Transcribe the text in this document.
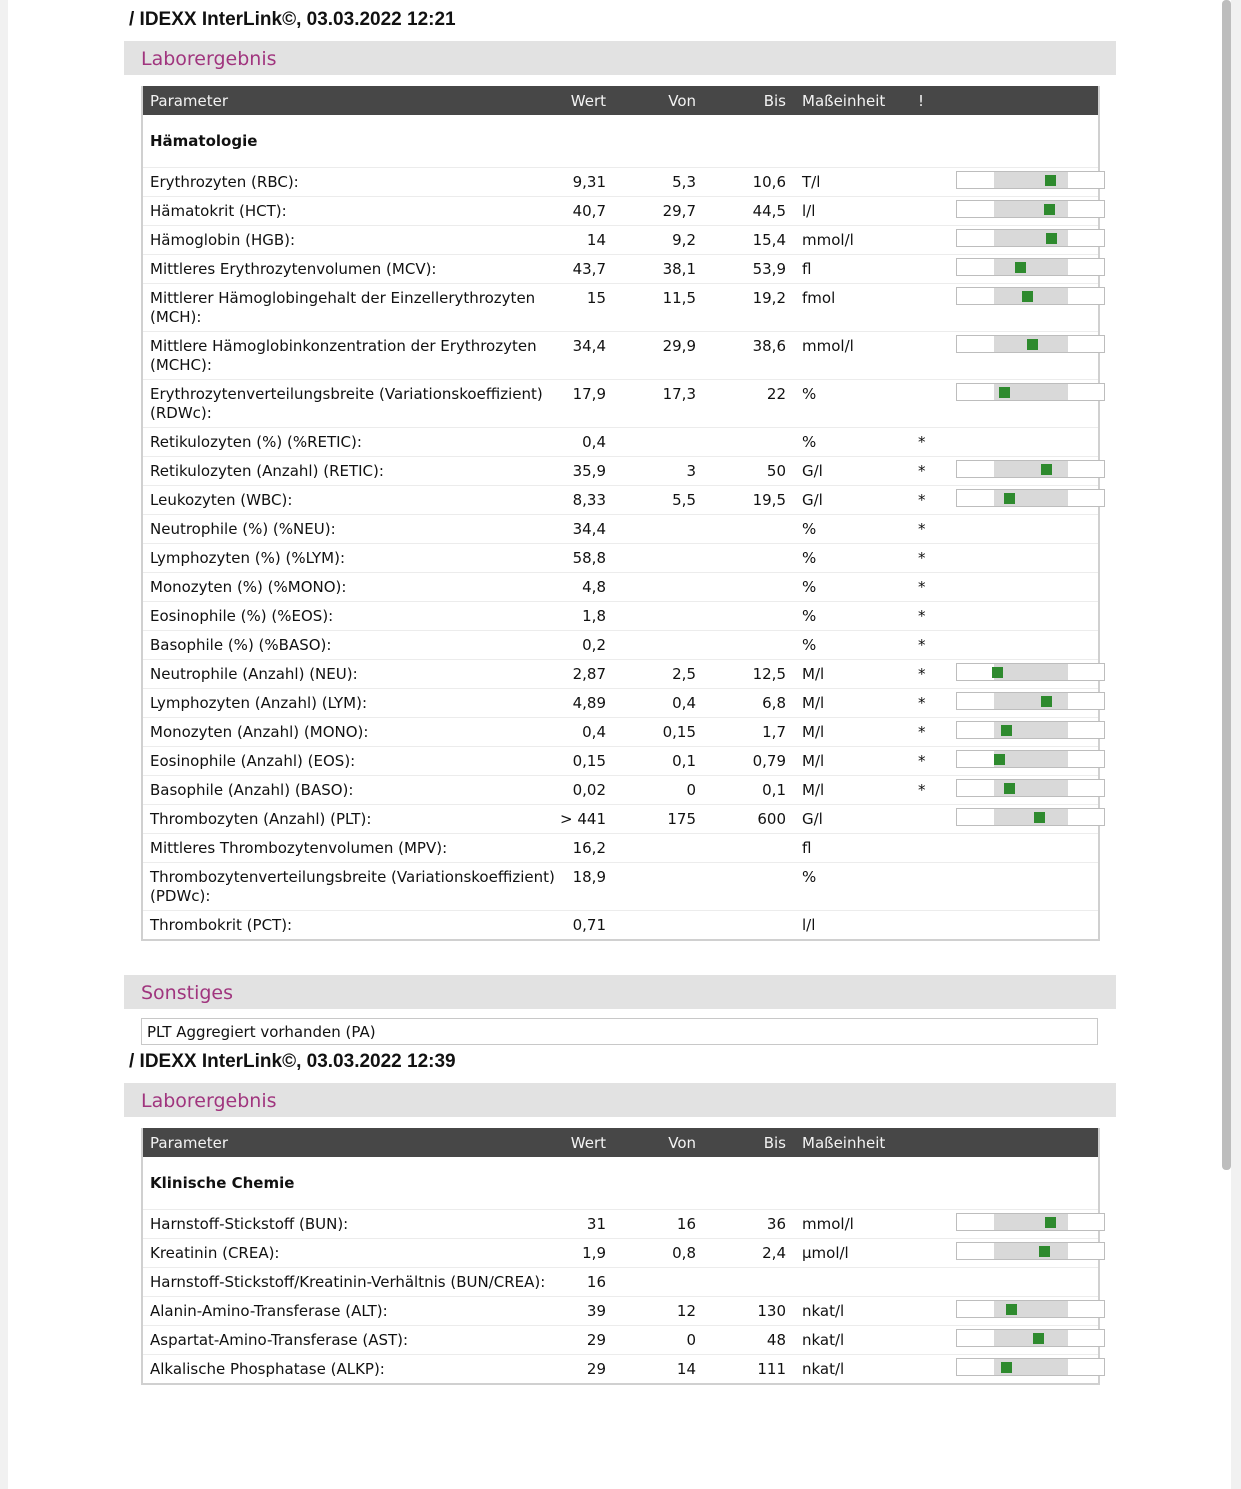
/ IDEXX InterLink©, 03.03.2022 12:21
Laborergebnis
Parameter	Wert	Von	Bis	Maßeinheit	!	
Hämatologie						
Erythrozyten (RBC):	9,31	5,3	10,6	T/l		

Hämatokrit (HCT):	40,7	29,7	44,5	l/l		

Hämoglobin (HGB):	14	9,2	15,4	mmol/l		

Mittleres Erythrozytenvolumen (MCV):	43,7	38,1	53,9	fl		

Mittlerer Hämoglobingehalt der Einzellerythrozyten (MCH):	15	11,5	19,2	fmol		

Mittlere Hämoglobinkonzentration der Erythrozyten (MCHC):	34,4	29,9	38,6	mmol/l		

Erythrozytenverteilungsbreite (Variationskoeffizient) (RDWc):	17,9	17,3	22	%		

Retikulozyten (%) (%RETIC):	0,4			%	*	
Retikulozyten (Anzahl) (RETIC):	35,9	3	50	G/l	*	

Leukozyten (WBC):	8,33	5,5	19,5	G/l	*	

Neutrophile (%) (%NEU):	34,4			%	*	
Lymphozyten (%) (%LYM):	58,8			%	*	
Monozyten (%) (%MONO):	4,8			%	*	
Eosinophile (%) (%EOS):	1,8			%	*	
Basophile (%) (%BASO):	0,2			%	*	
Neutrophile (Anzahl) (NEU):	2,87	2,5	12,5	M/l	*	

Lymphozyten (Anzahl) (LYM):	4,89	0,4	6,8	M/l	*	

Monozyten (Anzahl) (MONO):	0,4	0,15	1,7	M/l	*	

Eosinophile (Anzahl) (EOS):	0,15	0,1	0,79	M/l	*	

Basophile (Anzahl) (BASO):	0,02	0	0,1	M/l	*	

Thrombozyten (Anzahl) (PLT):	> 441	175	600	G/l		

Mittleres Thrombozytenvolumen (MPV):	16,2			fl		
Thrombozytenverteilungsbreite (Variationskoeffizient) (PDWc):	18,9			%		
Thrombokrit (PCT):	0,71			l/l		
Sonstiges
PLT Aggregiert vorhanden (PA)
/ IDEXX InterLink©, 03.03.2022 12:39
Laborergebnis
Parameter	Wert	Von	Bis	Maßeinheit		
Klinische Chemie						
Harnstoff-Stickstoff (BUN):	31	16	36	mmol/l		

Kreatinin (CREA):	1,9	0,8	2,4	µmol/l		

Harnstoff-Stickstoff/Kreatinin-Verhältnis (BUN/CREA):	16					
Alanin-Amino-Transferase (ALT):	39	12	130	nkat/l		

Aspartat-Amino-Transferase (AST):	29	0	48	nkat/l		

Alkalische Phosphatase (ALKP):	29	14	111	nkat/l		
